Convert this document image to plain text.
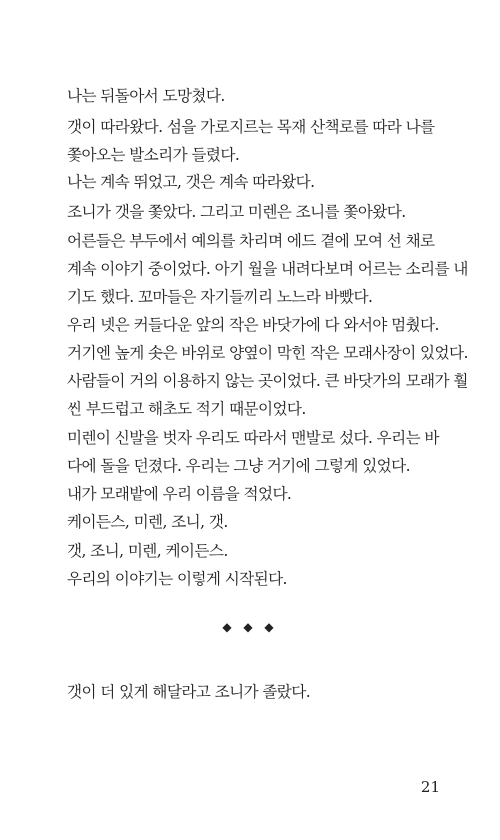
나는 뒤돌아서 도망쳤다.

갯이 따라왔다. 섬을 가로지르는 목재 산책로를 따라 나를
쫓아오는 발소리가 들렸다.

나는 계속 뛰었고, 갯은 계속 따라왔다.

조니가 갯을 쫓았다. 그리고 미렌은 조니를 쫓아왔다.

어른들은 부두에서 예의를 차리며 에드 곁에 모여 선 채로
계속 이야기 중이었다. 아기 월을 내려다보며 어르는 소리를 내
기도 했다. 꼬마들은 자기들끼리 노느라 바빴다.

우리 넷은 커들다운 앞의 작은 바닷가에 다 와서야 멈췄다.
거기엔 높게 솟은 바위로 양옆이 막힌 작은 모래사장이 있었다.
사람들이 거의 이용하지 않는 곳이었다. 큰 바닷가의 모래가 훨
씬 부드럽고 해초도 적기 때문이었다.

미렌이 신발을 벗자 우리도 따라서 맨발로 섰다. 우리는 바
다에 돌을 던졌다. 우리는 그냥 거기에 그렇게 있었다.

내가 모래밭에 우리 이름을 적었다.

케이든스, 미렌, 조니, 갯.

갯, 조니, 미렌, 케이든스.

우리의 이야기는 이렇게 시작된다.

◆ ◆ ◆

갯이 더 있게 해달라고 조니가 졸랐다.

21
